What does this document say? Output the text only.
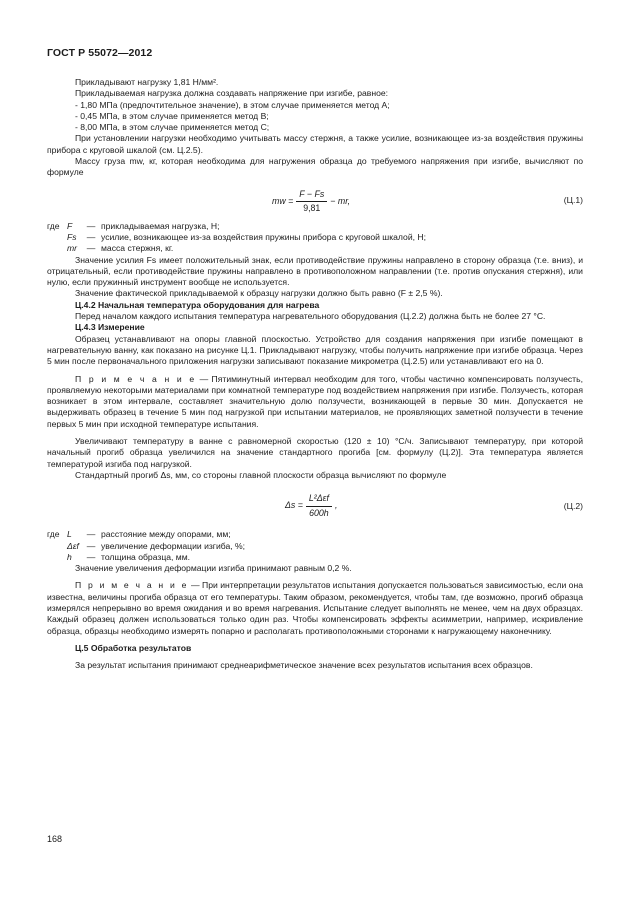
ГОСТ Р 55072—2012

Прикладывают нагрузку 1,81 Н/мм².

Прикладываемая нагрузка должна создавать напряжение при изгибе, равное:

- 1,80 МПа (предпочтительное значение), в этом случае применяется метод А;

- 0,45 МПа, в этом случае применяется метод В;

- 8,00 МПа, в этом случае применяется метод С;

При установлении нагрузки необходимо учитывать массу стержня, а также усилие, возникающее из-за воздействия пружины прибора с круговой шкалой (см. Ц.2.5).

Массу груза mw, кг, которая необходима для нагружения образца до требуемого напряжения при изгибе, вычисляют по формуле

mw = $\frac{F - Fs}{9,81}$ − mr,	(Ц.1)
где F	— прикладываемая нагрузка, Н;
Fs	— усилие, возникающее из-за воздействия пружины прибора с круговой шкалой, Н;
mr	— масса стержня, кг.

Значение усилия Fs имеет положительный знак, если противодействие пружины направлено в сторону образца (т.е. вниз), и отрицательный, если противодействие пружины направлено в противоположном направлении (т.е. против опускания стержня), или нулю, если пружинный инструмент вообще не используется.

Значение фактической прикладываемой к образцу нагрузки должно быть равно (F ± 2,5 %).

Ц.4.2 Начальная температура оборудования для нагрева

Перед началом каждого испытания температура нагревательного оборудования (Ц.2.2) должна быть не более 27 °С.

Ц.4.3 Измерение

Образец устанавливают на опоры главной плоскостью. Устройство для создания напряжения при изгибе помещают в нагревательную ванну, как показано на рисунке Ц.1. Прикладывают нагрузку, чтобы получить напряжение при изгибе образца. Через 5 мин после первоначального приложения нагрузки записывают показание микрометра (Ц.2.5) или устанавливают его на 0.

П р и м е ч а н и е — Пятиминутный интервал необходим для того, чтобы частично компенсировать ползучесть, проявляемую некоторыми материалами при комнатной температуре под воздействием напряжения при изгибе. Ползучесть, которая возникает в этом интервале, составляет значительную долю ползучести, возникающей в первые 30 мин. Допускается не выдерживать образец в течение 5 мин под нагрузкой при испытании материалов, не проявляющих заметной ползучести в течение первых 5 мин при исходной температуре испытания.

Увеличивают температуру в ванне с равномерной скоростью (120 ± 10) °С/ч. Записывают температуру, при которой начальный прогиб образца увеличился на значение стандартного прогиба [см. формулу (Ц.2)]. Эта температура является температурой изгиба под нагрузкой.

Стандартный прогиб Δs, мм, со стороны главной плоскости образца вычисляют по формуле

$\Delta s = \frac{\text{L²Δεf}}{600h}$ ,	(Ц.2)
где L	— расстояние между опорами, мм;
Δεf — увеличение деформации изгиба, %;
h	— толщина образца, мм.

Значение увеличения деформации изгиба принимают равным 0,2 %.

П р и м е ч а н и е — При интерпретации результатов испытания допускается пользоваться зависимостью, если она известна, величины прогиба образца от его температуры. Таким образом, рекомендуется, чтобы там, где возможно, прогиб образца измерялся непрерывно во время ожидания и во время нагревания. Испытание следует выполнять не менее, чем на двух образцах. Каждый образец должен использоваться только один раз. Чтобы компенсировать эффекты асимметрии, например, искривление образца, образцы необходимо измерять попарно и располагать противоположными сторонами к нагружающему наконечнику.

Ц.5 Обработка результатов

За результат испытания принимают среднеарифметическое значение всех результатов испытания всех образцов.

168
